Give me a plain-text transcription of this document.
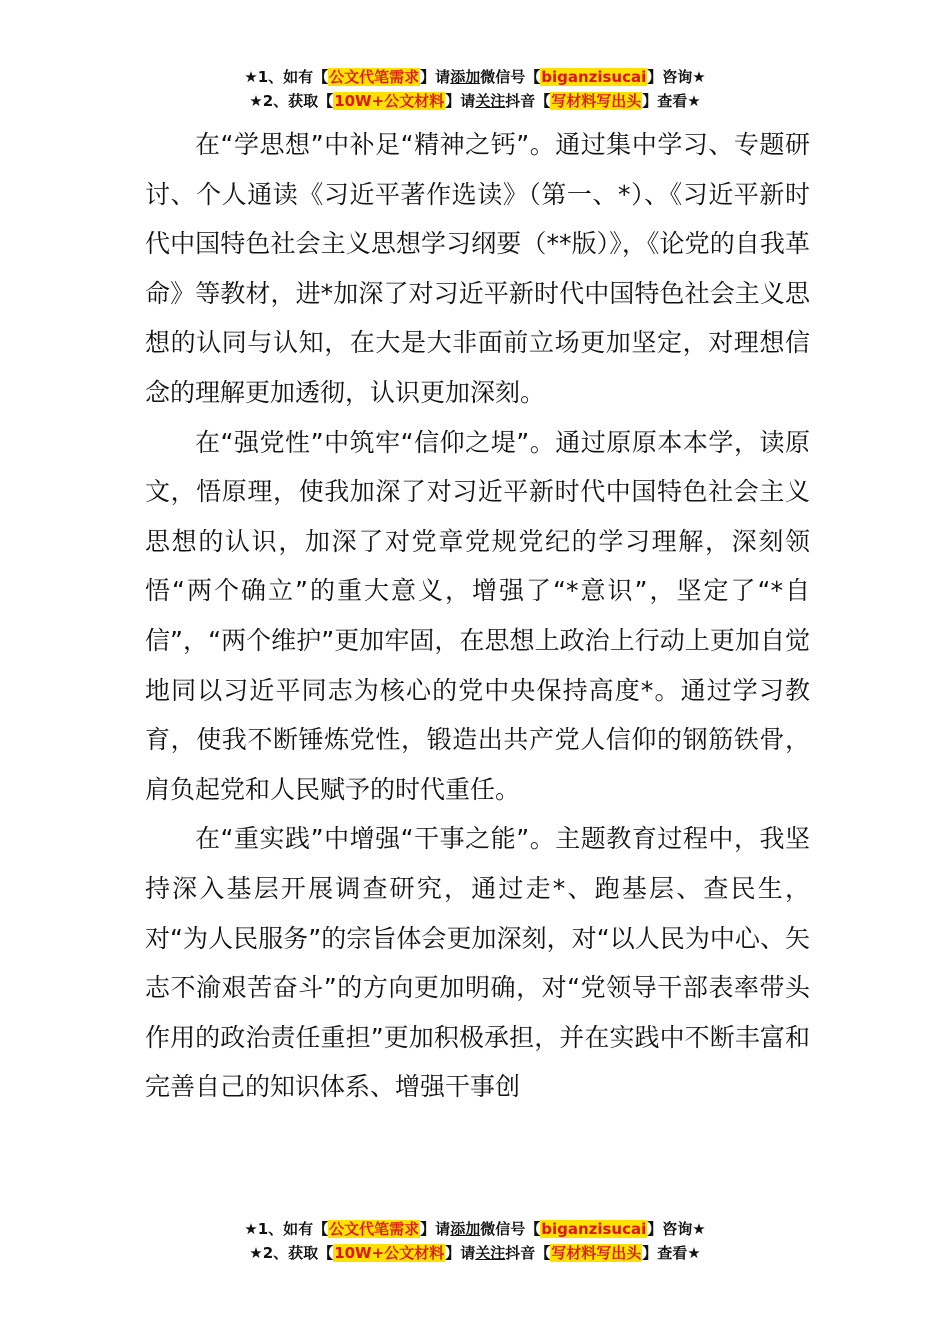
★1、如有【公文代笔需求】请添加微信号【biganzisucai】咨询★
★2、获取【10W+公文材料】请关注抖音【写材料写出头】查看★

在“学思想”中补足“精神之钙”。通过集中学习、专题研讨、个人通读《习近平著作选读》（第一、*）、《习近平新时代中国特色社会主义思想学习纲要（**版）》，《论党的自我革命》等教材，进*加深了对习近平新时代中国特色社会主义思想的认同与认知，在大是大非面前立场更加坚定，对理想信念的理解更加透彻，认识更加深刻。

在“强党性”中筑牢“信仰之堤”。通过原原本本学，读原文，悟原理，使我加深了对习近平新时代中国特色社会主义思想的认识，加深了对党章党规党纪的学习理解，深刻领悟“两个确立”的重大意义，增强了“*意识”，坚定了“*自信”，“两个维护”更加牢固，在思想上政治上行动上更加自觉地同以习近平同志为核心的党中央保持高度*。通过学习教育，使我不断锤炼党性，锻造出共产党人信仰的钢筋铁骨，肩负起党和人民赋予的时代重任。

在“重实践”中增强“干事之能”。主题教育过程中，我坚持深入基层开展调查研究，通过走*、跑基层、查民生，对“为人民服务”的宗旨体会更加深刻，对“以人民为中心、矢志不渝艰苦奋斗”的方向更加明确，对“党领导干部表率带头作用的政治责任重担”更加积极承担，并在实践中不断丰富和完善自己的知识体系、增强干事创

★1、如有【公文代笔需求】请添加微信号【biganzisucai】咨询★
★2、获取【10W+公文材料】请关注抖音【写材料写出头】查看★
